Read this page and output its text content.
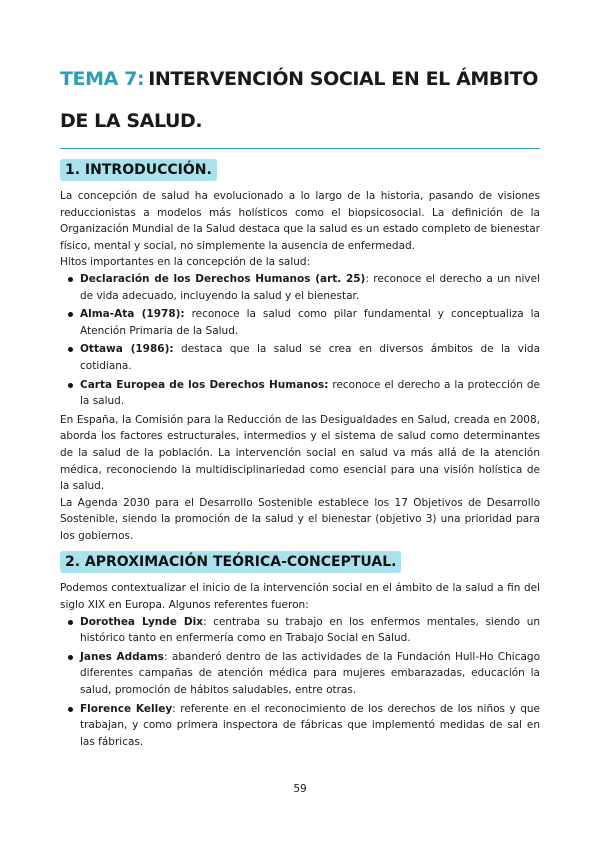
TEMA 7: INTERVENCIÓN SOCIAL EN EL ÁMBITO DE LA SALUD.
1. INTRODUCCIÓN.

La concepción de salud ha evolucionado a lo largo de la historia, pasando de visiones reduccionistas a modelos más holísticos como el biopsicosocial. La definición de la Organización Mundial de la Salud destaca que la salud es un estado completo de bienestar físico, mental y social, no simplemente la ausencia de enfermedad.

Hitos importantes en la concepción de la salud:

Declaración de los Derechos Humanos (art. 25): reconoce el derecho a un nivel de vida adecuado, incluyendo la salud y el bienestar.
Alma-Ata (1978): reconoce la salud como pilar fundamental y conceptualiza la Atención Primaria de la Salud.
Ottawa (1986): destaca que la salud se crea en diversos ámbitos de la vida cotidiana.
Carta Europea de los Derechos Humanos: reconoce el derecho a la protección de la salud.

En España, la Comisión para la Reducción de las Desigualdades en Salud, creada en 2008, aborda los factores estructurales, intermedios y el sistema de salud como determinantes de la salud de la población. La intervención social en salud va más allá de la atención médica, reconociendo la multidisciplinariedad como esencial para una visión holística de la salud.

La Agenda 2030 para el Desarrollo Sostenible establece los 17 Objetivos de Desarrollo Sostenible, siendo la promoción de la salud y el bienestar (objetivo 3) una prioridad para los gobiernos.

2. APROXIMACIÓN TEÓRICA-CONCEPTUAL.

Podemos contextualizar el inicio de la intervención social en el ámbito de la salud a fin del siglo XIX en Europa. Algunos referentes fueron:

Dorothea Lynde Dix: centraba su trabajo en los enfermos mentales, siendo un histórico tanto en enfermería como en Trabajo Social en Salud.
Janes Addams: abanderó dentro de las actividades de la Fundación Hull-Ho Chicago diferentes campañas de atención médica para mujeres embarazadas, educación la salud, promoción de hábitos saludables, entre otras.
Florence Kelley: referente en el reconocimiento de los derechos de los niños y que trabajan, y como primera inspectora de fábricas que implementó medidas de sal en las fábricas.
59
